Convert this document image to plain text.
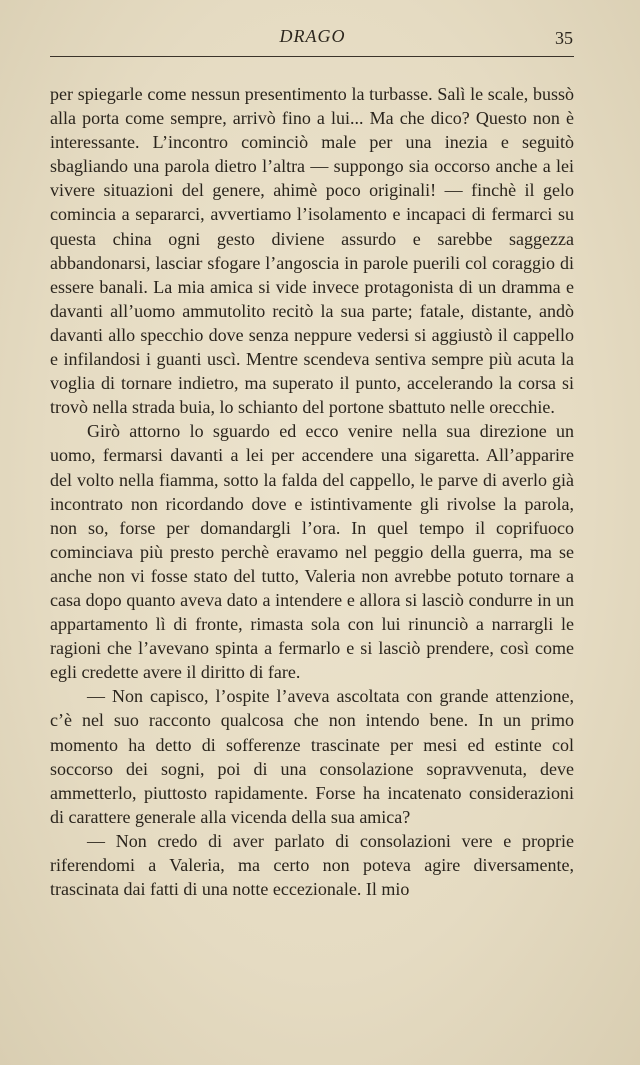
DRAGO	35

per spiegarle come nessun presentimento la turbasse. Salì le scale, bussò alla porta come sempre, arrivò fino a lui... Ma che dico? Questo non è interessante. L’incontro cominciò male per una inezia e seguitò sbagliando una parola dietro l’altra — suppongo sia occorso anche a lei vivere situazioni del genere, ahimè poco originali! — finchè il gelo comincia a separarci, avvertiamo l’isolamento e incapaci di fermarci su questa china ogni gesto diviene assurdo e sarebbe saggezza abbandonarsi, lasciar sfogare l’angoscia in parole puerili col coraggio di essere banali. La mia amica si vide invece protagonista di un dramma e davanti all’uomo ammutolito recitò la sua parte; fatale, distante, andò davanti allo specchio dove senza neppure vedersi si aggiustò il cappello e infilandosi i guanti uscì. Mentre scendeva sentiva sempre più acuta la voglia di tornare indietro, ma superato il punto, accelerando la corsa si trovò nella strada buia, lo schianto del portone sbattuto nelle orecchie.

Girò attorno lo sguardo ed ecco venire nella sua direzione un uomo, fermarsi davanti a lei per accendere una sigaretta. All’apparire del volto nella fiamma, sotto la falda del cappello, le parve di averlo già incontrato non ricordando dove e istintivamente gli rivolse la parola, non so, forse per domandargli l’ora. In quel tempo il coprifuoco cominciava più presto perchè eravamo nel peggio della guerra, ma se anche non vi fosse stato del tutto, Valeria non avrebbe potuto tornare a casa dopo quanto aveva dato a intendere e allora si lasciò condurre in un appartamento lì di fronte, rimasta sola con lui rinunciò a narrargli le ragioni che l’avevano spinta a fermarlo e si lasciò prendere, così come egli credette avere il diritto di fare.

— Non capisco, l’ospite l’aveva ascoltata con grande attenzione, c’è nel suo racconto qualcosa che non intendo bene. In un primo momento ha detto di sofferenze trascinate per mesi ed estinte col soccorso dei sogni, poi di una consolazione sopravvenuta, deve ammetterlo, piuttosto rapidamente. Forse ha incatenato considerazioni di carattere generale alla vicenda della sua amica?

— Non credo di aver parlato di consolazioni vere e proprie riferendomi a Valeria, ma certo non poteva agire diversamente, trascinata dai fatti di una notte eccezionale. Il mio
